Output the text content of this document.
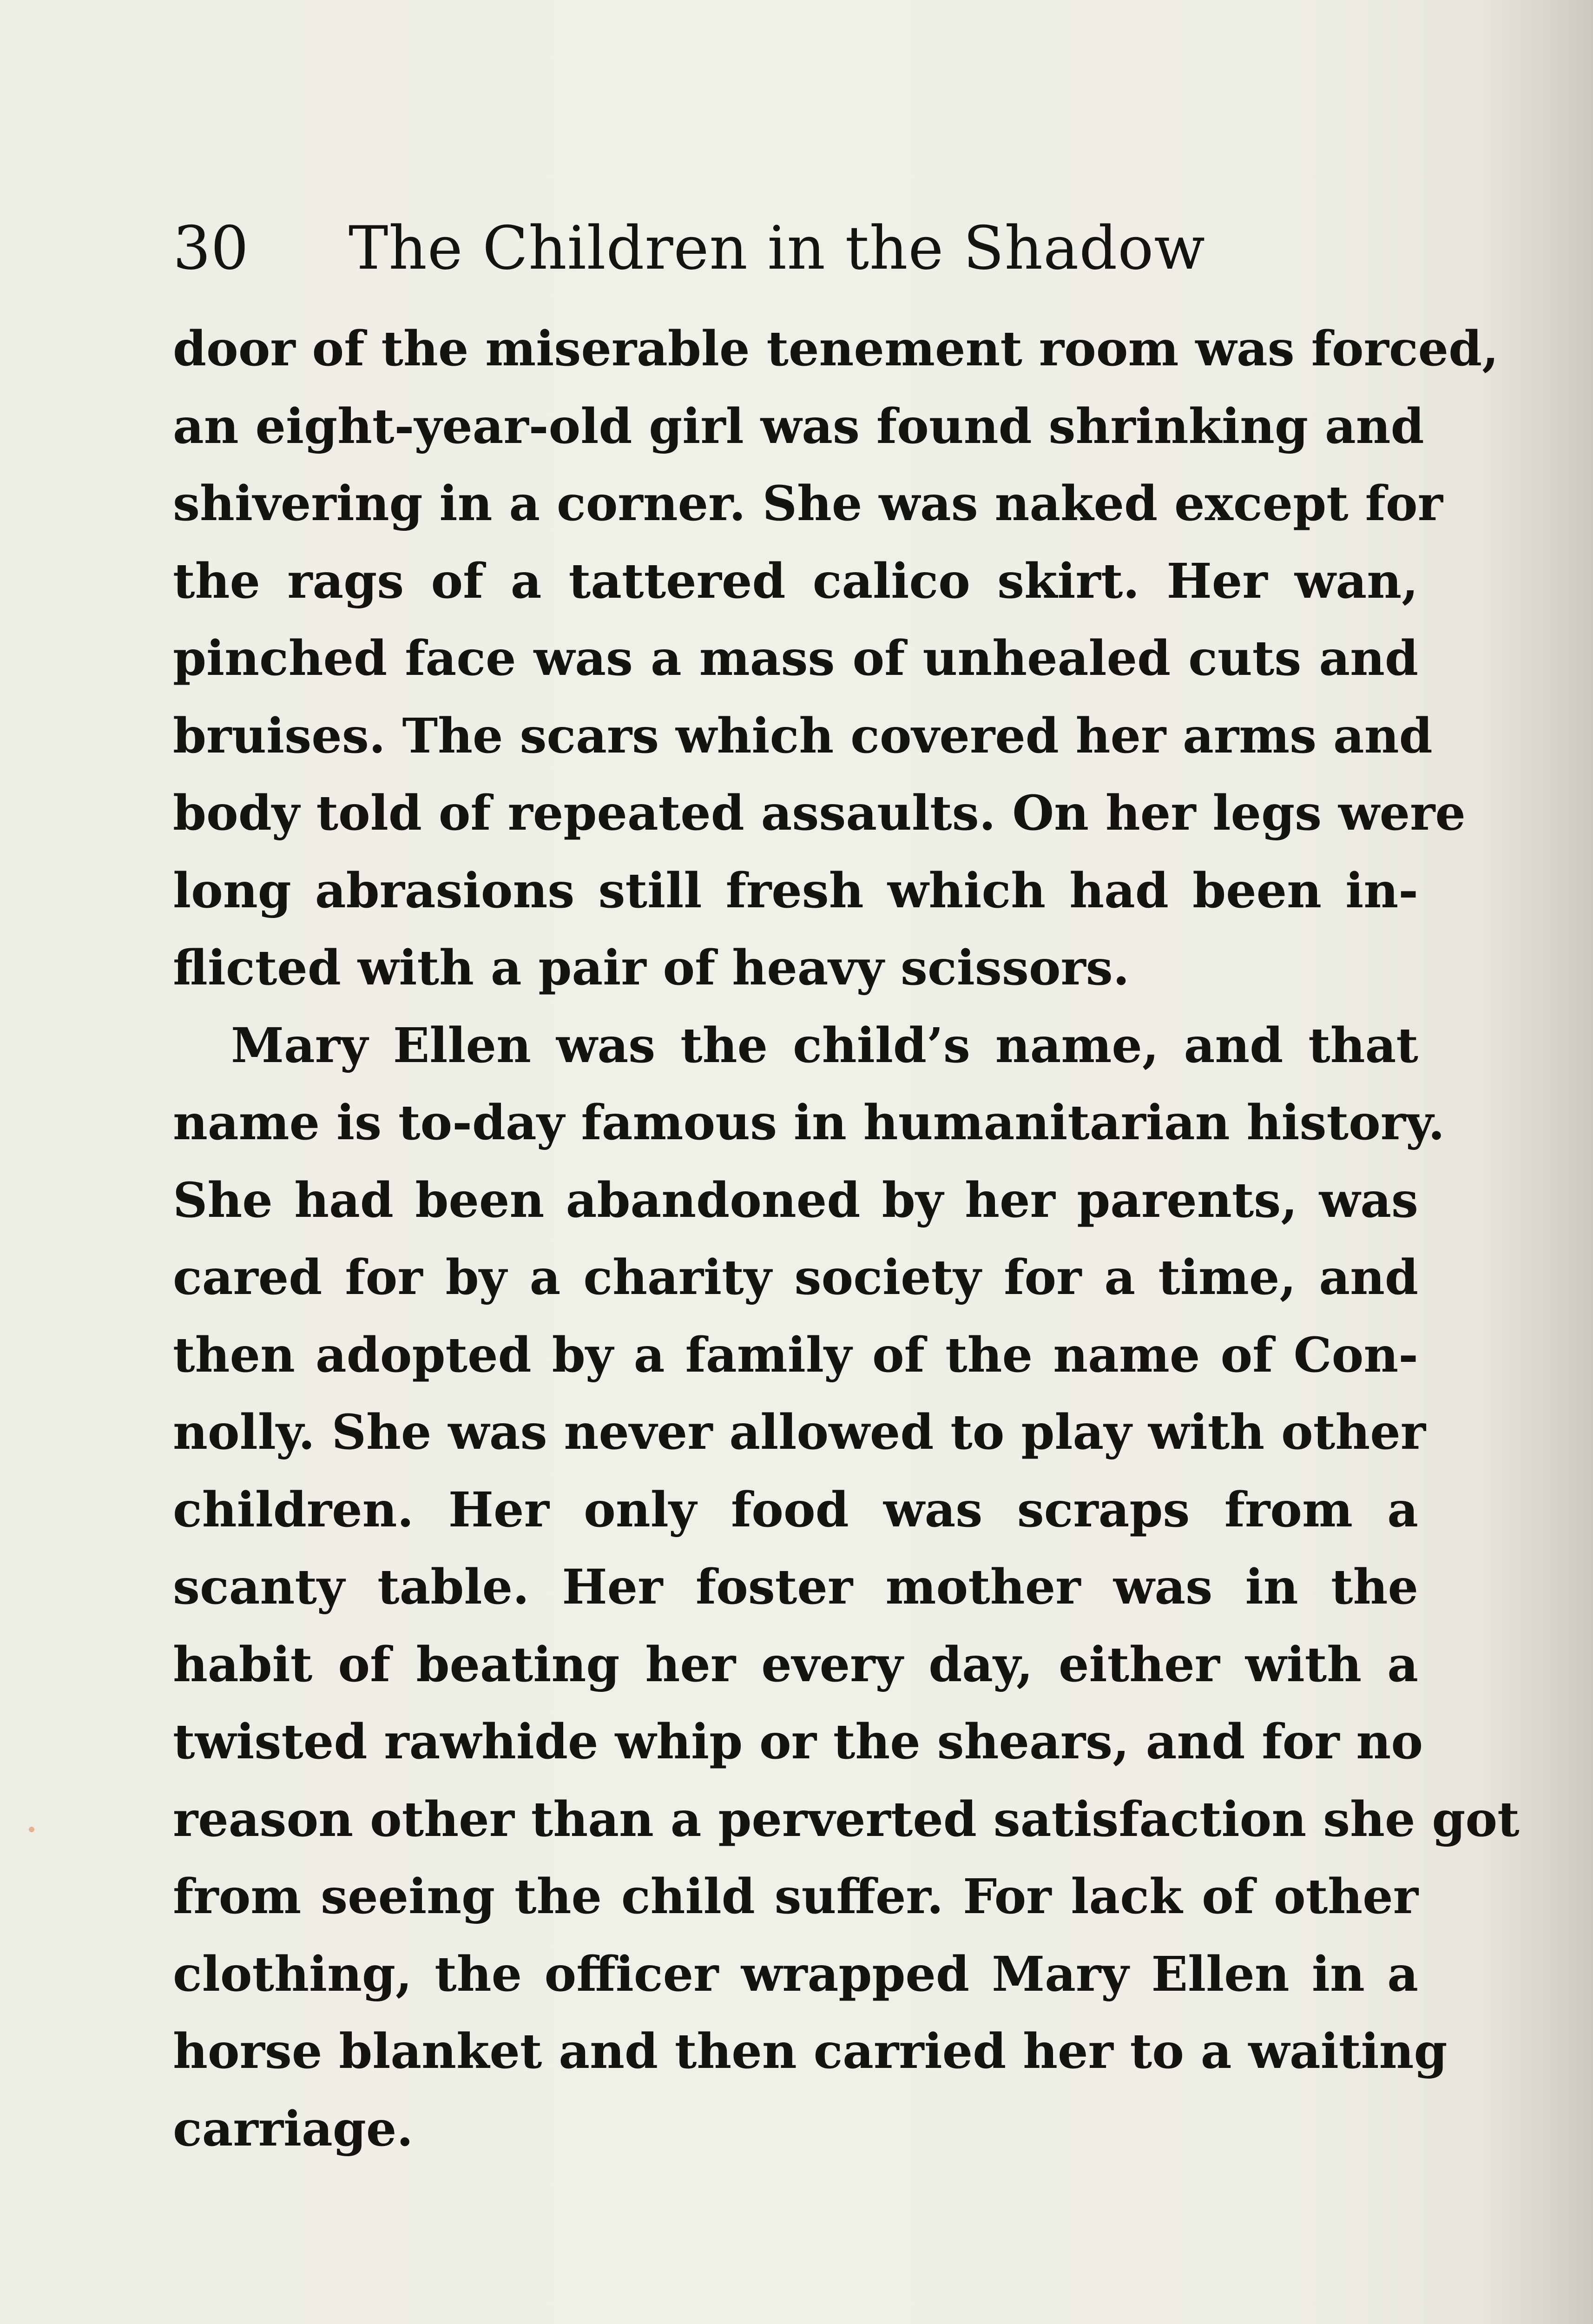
30 The Children in the Shadow
door of the miserable tenement room was forced,
an eight-year-old girl was found shrinking and
shivering in a corner. She was naked except for
the rags of a tattered calico skirt. Her wan,
pinched face was a mass of unhealed cuts and
bruises. The scars which covered her arms and
body told of repeated assaults. On her legs were
long abrasions still fresh which had been in-
flicted with a pair of heavy scissors.
Mary Ellen was the child’s name, and that
name is to-day famous in humanitarian history.
She had been abandoned by her parents, was
cared for by a charity society for a time, and
then adopted by a family of the name of Con-
nolly. She was never allowed to play with other
children. Her only food was scraps from a
scanty table. Her foster mother was in the
habit of beating her every day, either with a
twisted rawhide whip or the shears, and for no
reason other than a perverted satisfaction she got
from seeing the child suffer. For lack of other
clothing, the officer wrapped Mary Ellen in a
horse blanket and then carried her to a waiting
carriage.
